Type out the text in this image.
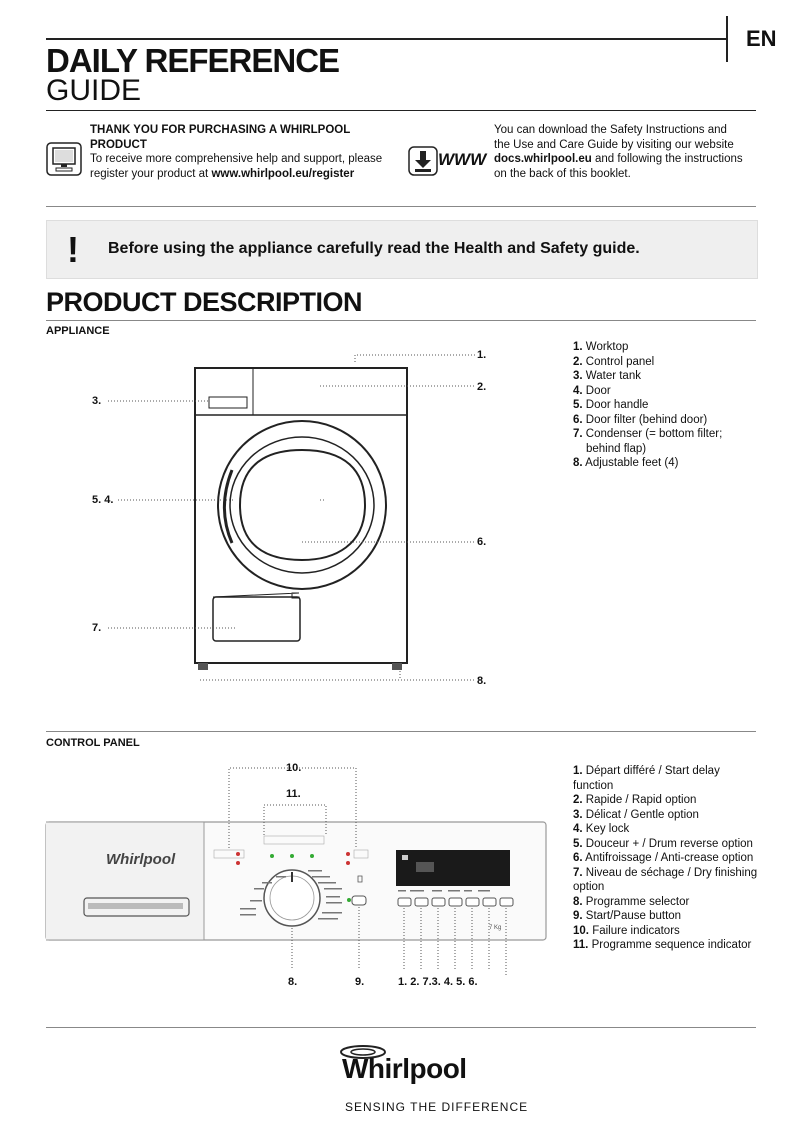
EN
DAILY REFERENCE
GUIDE
THANK YOU FOR PURCHASING A WHIRLPOOL PRODUCT
To receive more comprehensive help and support, please register your product at www.whirlpool.eu/register
WWW
You can download the Safety Instructions and the Use and Care Guide by visiting our website docs.whirlpool.eu and following the instructions on the back of this booklet.
! Before using the appliance carefully read the Health and Safety guide.
PRODUCT DESCRIPTION
APPLIANCE
1.
2.
3.
5. 4.
6.
7.
8.
1. Worktop
2. Control panel
3. Water tank
4. Door
5. Door handle
6. Door filter (behind door)
7. Condenser (= bottom filter; behind flap)
8. Adjustable feet (4)
CONTROL PANEL
Whirlpool
7 Kg
10.
11.
8.	9.	1. 2. 7.3. 4. 5. 6.
1. Départ différé / Start delay function
2. Rapide / Rapid option
3. Délicat / Gentle option
4. Key lock
5. Douceur + / Drum reverse option
6. Antifroissage / Anti-crease option
7. Niveau de séchage / Dry finishing option
8. Programme selector
9. Start/Pause button
10. Failure indicators
11. Programme sequence indicator
Whirlpool
SENSING THE DIFFERENCE
